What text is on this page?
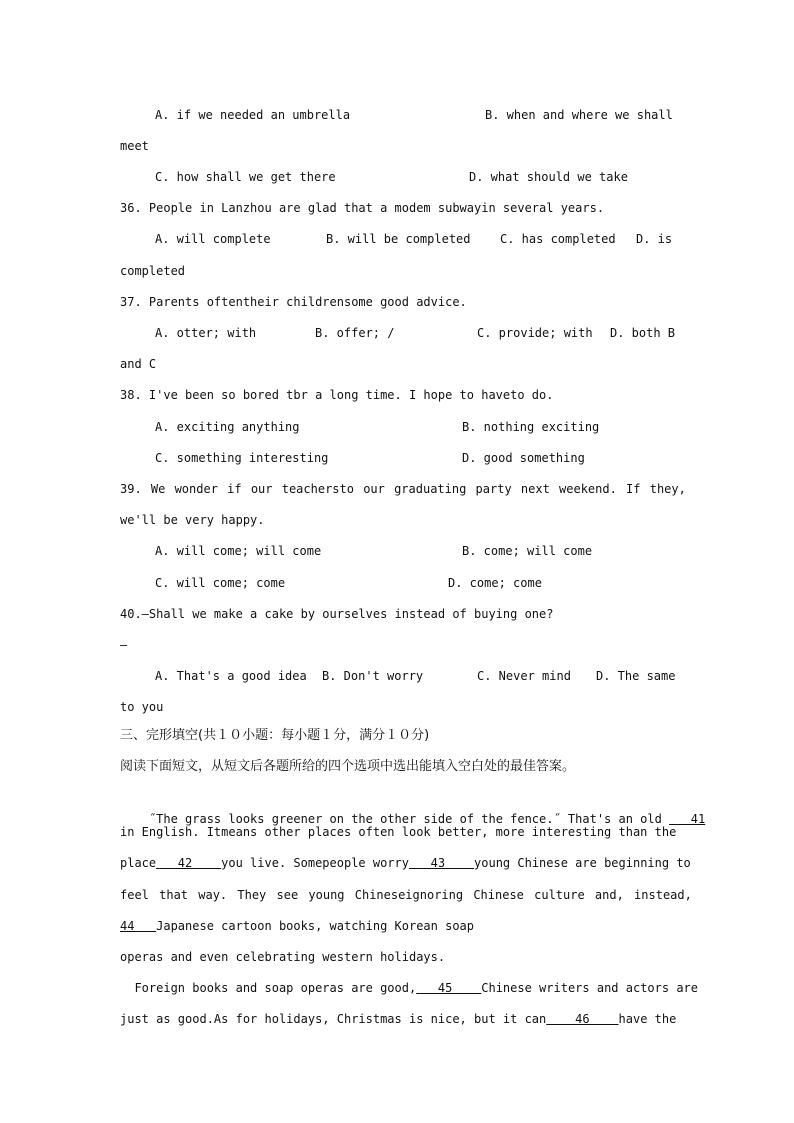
A. if we needed an umbrella

	B. when and where we shall

meet

C. how shall we get there

	D. what should we take

36. People in Lanzhou are glad that a modem subwayin several years.

A. will complete

	B. will be completed

C. has completed

D. is

completed
37. Parents oftentheir childrensome good advice.

A. otter; with

	B. offer; /

	C. provide; with

D. both B

and C
38. I've been so bored tbr a long time. I hope to haveto do.

A. exciting anything

	B. nothing exciting

C. something interesting

	D. good something

39. We wonder if our teachersto our graduating party next weekend. If they,
we'll be very happy.

A. will come; will come

	B. come; will come

C. will come; come

	D. come; come

40.—Shall we make a cake by ourselves instead of buying one?
—

A. That's a good idea

B. Don't worry

	C. Never mind

D. The same

to you
三、完形填空(共１０小题：每小题１分，满分１０分)
阅读下面短文，从短文后各题所给的四个选项中选出能填入空白处的最佳答案。

˝The grass looks greener on the other side of the fence.˝ That's an old    41

in English. Itmeans other places often look better, more interesting than the
place   42    you live. Somepeople worry   43    young Chinese are beginning to
feel that way. They see young Chineseignoring Chinese culture and, instead,
44   Japanese cartoon books, watching Korean soap
operas and even celebrating western holidays.
Foreign books and soap operas are good,   45    Chinese writers and actors are
just as good.As for holidays, Christmas is nice, but it can    46    have the
